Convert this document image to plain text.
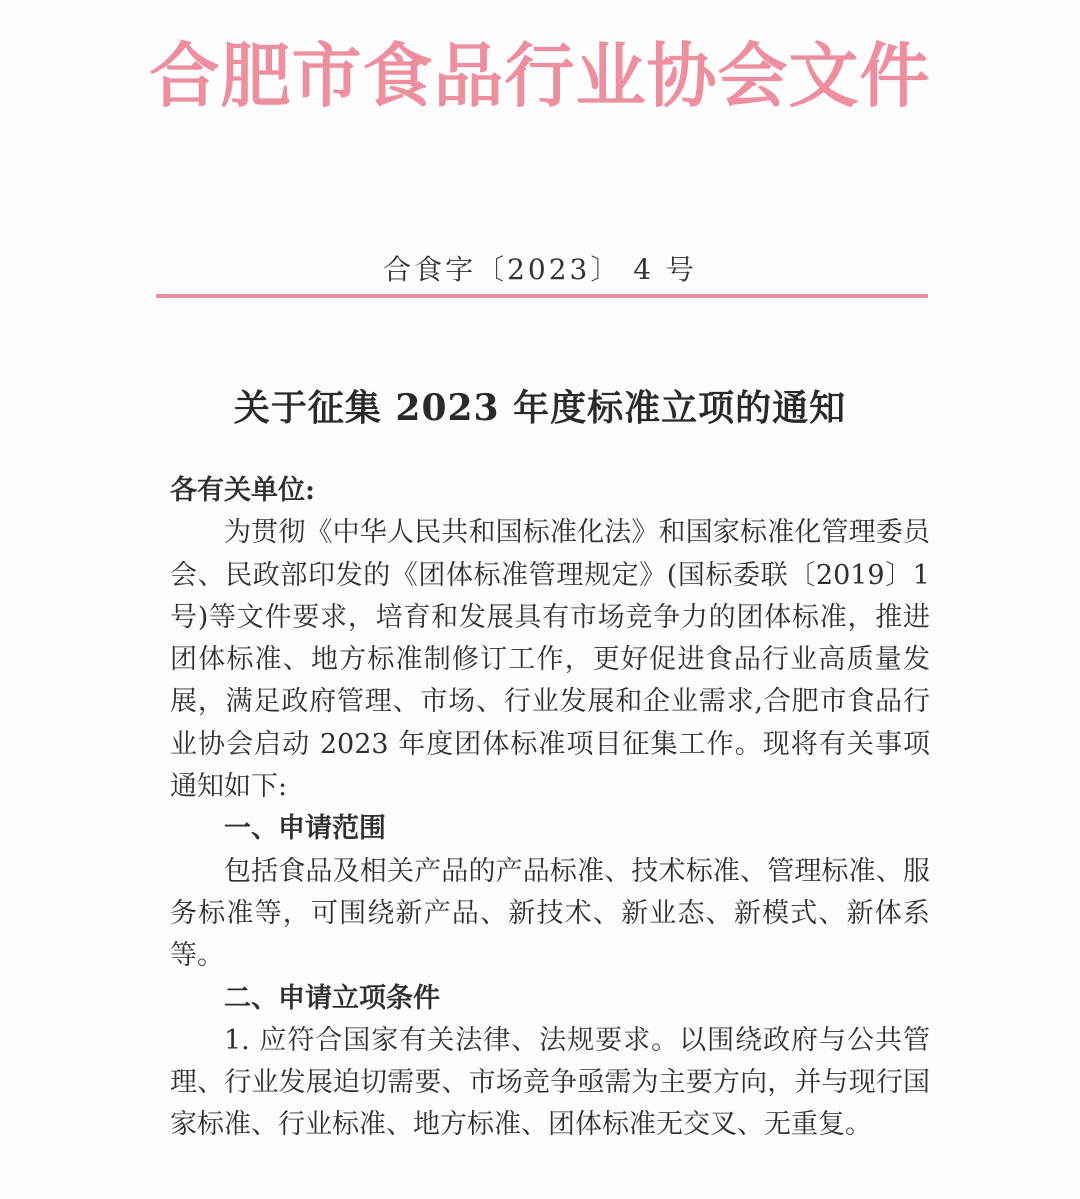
合肥市食品行业协会文件
合食字〔2023〕 4 号
关于征集 2023 年度标准立项的通知

各有关单位:

为贯彻《中华人民共和国标准化法》和国家标准化管理委员会、民政部印发的《团体标准管理规定》(国标委联〔2019〕1 号)等文件要求，培育和发展具有市场竞争力的团体标准，推进团体标准、地方标准制修订工作，更好促进食品行业高质量发展，满足政府管理、市场、行业发展和企业需求,合肥市食品行业协会启动 2023 年度团体标准项目征集工作。现将有关事项通知如下:

一、申请范围

包括食品及相关产品的产品标准、技术标准、管理标准、服务标准等，可围绕新产品、新技术、新业态、新模式、新体系等。

二、申请立项条件

1. 应符合国家有关法律、法规要求。以围绕政府与公共管理、行业发展迫切需要、市场竞争亟需为主要方向，并与现行国家标准、行业标准、地方标准、团体标准无交叉、无重复。
